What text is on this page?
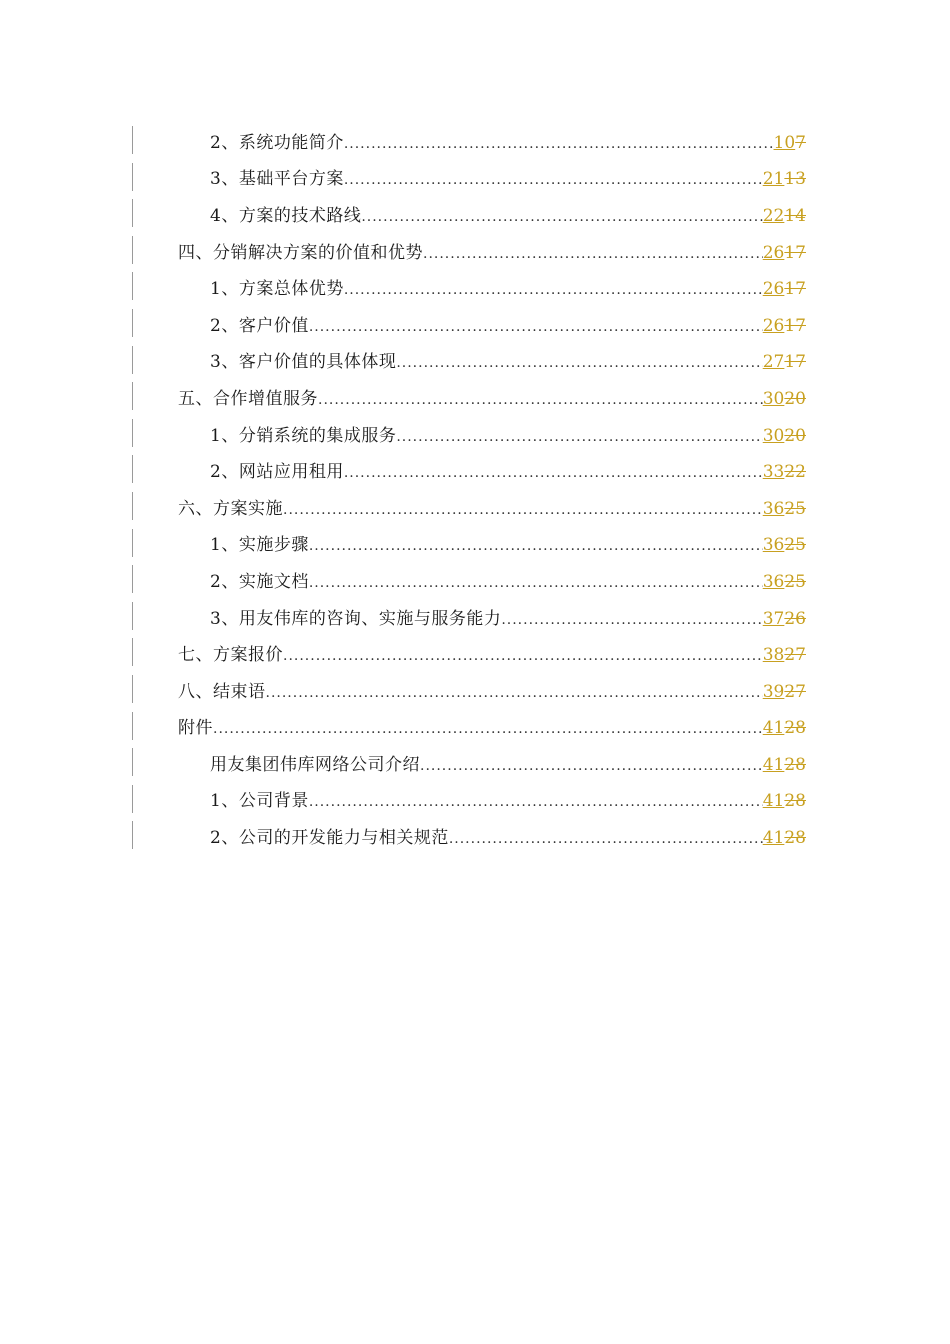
2、系统功能简介 .....	107
3、基础平台方案 .....	2113
4、方案的技术路线 .....	2214
四、分销解决方案的价值和优势 .....	2617
1、方案总体优势 .....	2617
2、客户价值 .....	2617
3、客户价值的具体体现 .....	2717
五、合作增值服务 .....	3020
1、分销系统的集成服务 .....	3020
2、网站应用租用 .....	3322
六、方案实施 .....	3625
1、实施步骤 .....	3625
2、实施文档 .....	3625
3、用友伟库的咨询、实施与服务能力 .....	3726
七、方案报价 .....	3827
八、结束语 .....	3927
附件 .....	4128
用友集团伟库网络公司介绍 .....	4128
1、公司背景 .....	4128
2、公司的开发能力与相关规范 .....	4128
